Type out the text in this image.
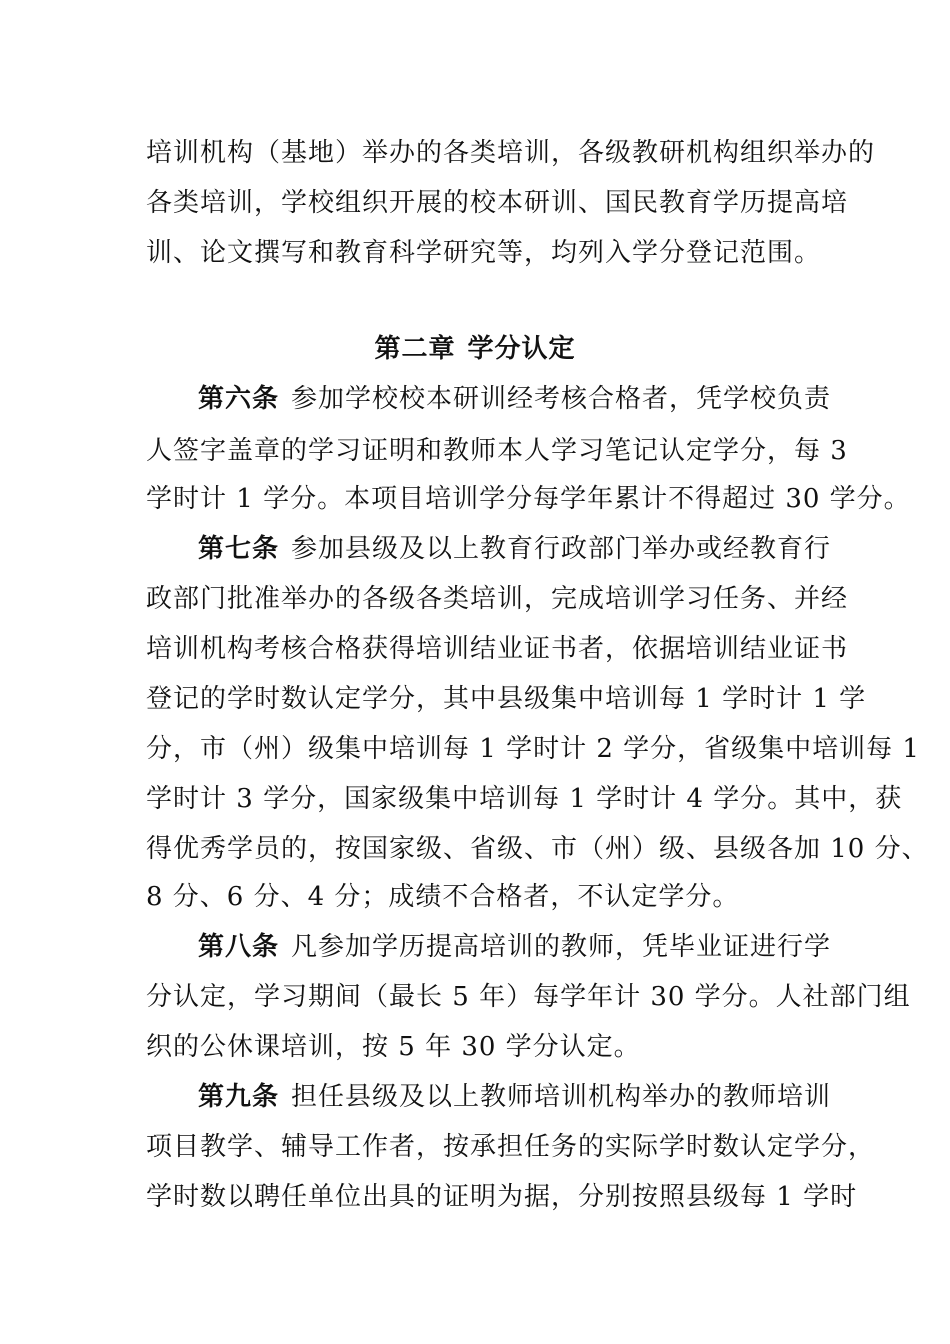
培训机构（基地）举办的各类培训，各级教研机构组织举办的
各类培训，学校组织开展的校本研训、国民教育学历提高培
训、论文撰写和教育科学研究等，均列入学分登记范围。
第二章 学分认定
第六条 参加学校校本研训经考核合格者，凭学校负责
人签字盖章的学习证明和教师本人学习笔记认定学分，每 3
学时计 1 学分。本项目培训学分每学年累计不得超过 30 学分。
第七条 参加县级及以上教育行政部门举办或经教育行
政部门批准举办的各级各类培训，完成培训学习任务、并经
培训机构考核合格获得培训结业证书者，依据培训结业证书
登记的学时数认定学分，其中县级集中培训每 1 学时计 1 学
分，市（州）级集中培训每 1 学时计 2 学分，省级集中培训每 1
学时计 3 学分，国家级集中培训每 1 学时计 4 学分。其中，获
得优秀学员的，按国家级、省级、市（州）级、县级各加 10 分、
8 分、6 分、4 分；成绩不合格者，不认定学分。
第八条 凡参加学历提高培训的教师，凭毕业证进行学
分认定，学习期间（最长 5 年）每学年计 30 学分。人社部门组
织的公休课培训，按 5 年 30 学分认定。
第九条 担任县级及以上教师培训机构举办的教师培训
项目教学、辅导工作者，按承担任务的实际学时数认定学分，
学时数以聘任单位出具的证明为据，分别按照县级每 1 学时
